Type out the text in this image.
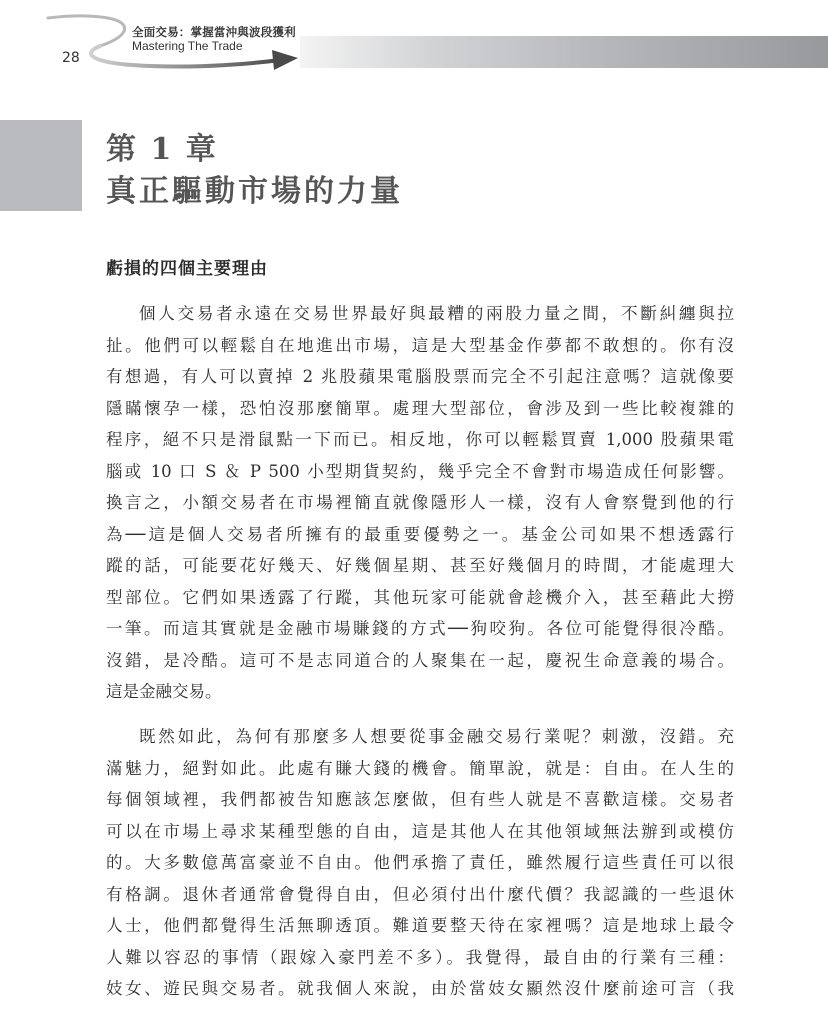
28
全面交易：掌握當沖與波段獲利
Mastering The Trade
第 1 章
真正驅動市場的力量
虧損的四個主要理由
個人交易者永遠在交易世界最好與最糟的兩股力量之間，不斷糾纏與拉
扯。他們可以輕鬆自在地進出市場，這是大型基金作夢都不敢想的。你有沒
有想過，有人可以賣掉 2 兆股蘋果電腦股票而完全不引起注意嗎？這就像要
隱瞞懷孕一樣，恐怕沒那麼簡單。處理大型部位，會涉及到一些比較複雜的
程序，絕不只是滑鼠點一下而已。相反地，你可以輕鬆買賣 1,000 股蘋果電
腦或 10 口 S ＆ P 500 小型期貨契約，幾乎完全不會對市場造成任何影響。
換言之，小額交易者在市場裡簡直就像隱形人一樣，沒有人會察覺到他的行
為──這是個人交易者所擁有的最重要優勢之一。基金公司如果不想透露行
蹤的話，可能要花好幾天、好幾個星期、甚至好幾個月的時間，才能處理大
型部位。它們如果透露了行蹤，其他玩家可能就會趁機介入，甚至藉此大撈
一筆。而這其實就是金融市場賺錢的方式──狗咬狗。各位可能覺得很冷酷。
沒錯，是冷酷。這可不是志同道合的人聚集在一起，慶祝生命意義的場合。
這是金融交易。
既然如此，為何有那麼多人想要從事金融交易行業呢？刺激，沒錯。充
滿魅力，絕對如此。此處有賺大錢的機會。簡單說，就是：自由。在人生的
每個領域裡，我們都被告知應該怎麼做，但有些人就是不喜歡這樣。交易者
可以在市場上尋求某種型態的自由，這是其他人在其他領域無法辦到或模仿
的。大多數億萬富豪並不自由。他們承擔了責任，雖然履行這些責任可以很
有格調。退休者通常會覺得自由，但必須付出什麼代價？我認識的一些退休
人士，他們都覺得生活無聊透頂。難道要整天待在家裡嗎？這是地球上最令
人難以容忍的事情（跟嫁入豪門差不多）。我覺得，最自由的行業有三種：
妓女、遊民與交易者。就我個人來說，由於當妓女顯然沒什麼前途可言（我
